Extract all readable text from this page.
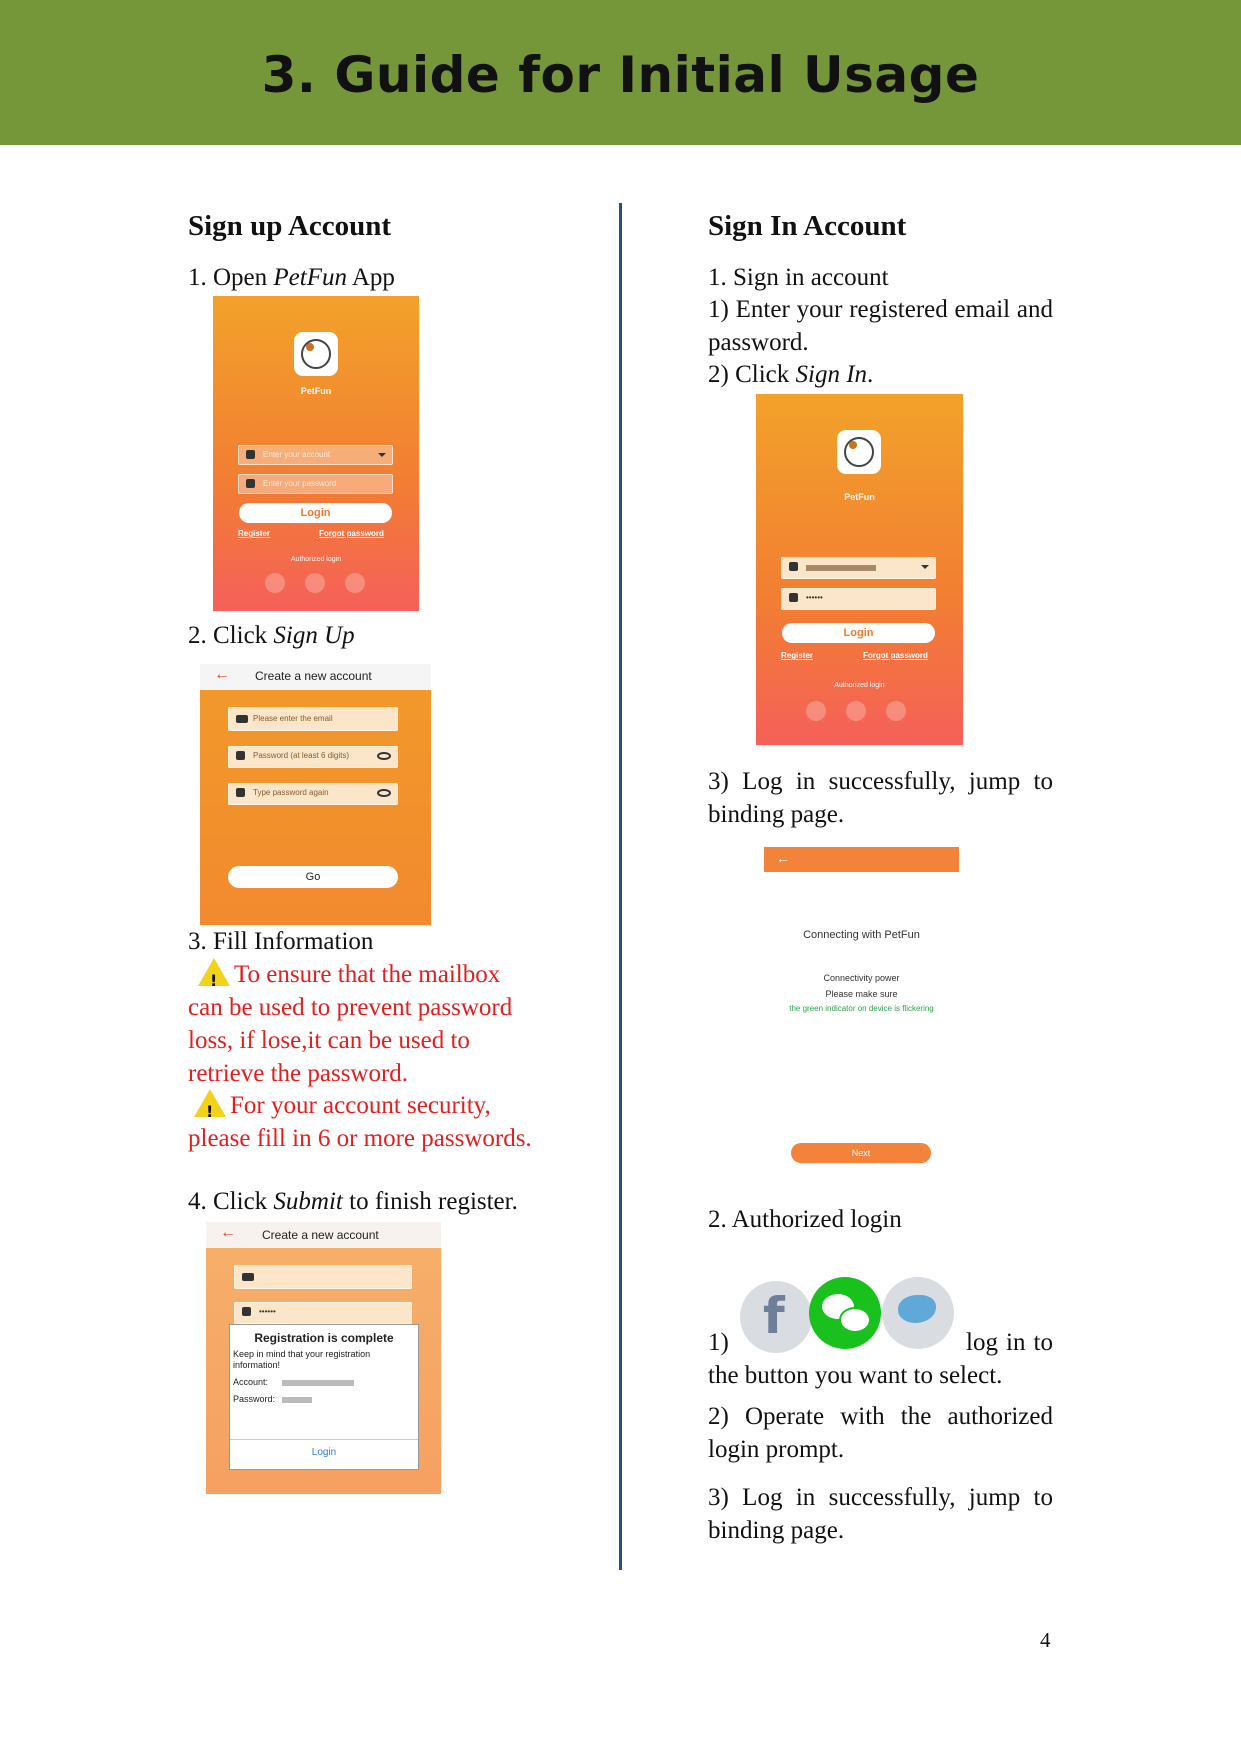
3. Guide for Initial Usage
Sign up Account
1. Open PetFun App
PetFun
Enter your account
Enter your password
Login
Register	Forgot password
Authorized login
2. Click Sign Up
← Create a new account
Please enter the email
Password (at least 6 digits)
Type password again
Go
3. Fill Information
! To ensure that the mailbox can be used to prevent password loss, if lose,it can be used to retrieve the password.
! For your account security, please fill in 6 or more passwords.
4. Click Submit to finish register.
← Create a new account
••••••
Registration is complete
Keep in mind that your registration information!
Account:
Password:
Login
Sign In Account
1. Sign in account
1) Enter your registered email and password.
2) Click Sign In.
PetFun
••••••
Login
Register	Forgot password
Authorized login
3) Log in successfully, jump to binding page.
←
Connecting with PetFun
Connectivity power
Please make sure
the green indicator on device is flickering
Next
2. Authorized login
1) f	log in to the button you want to select.
2) Operate with the authorized login prompt.
3) Log in successfully, jump to binding page.
4
